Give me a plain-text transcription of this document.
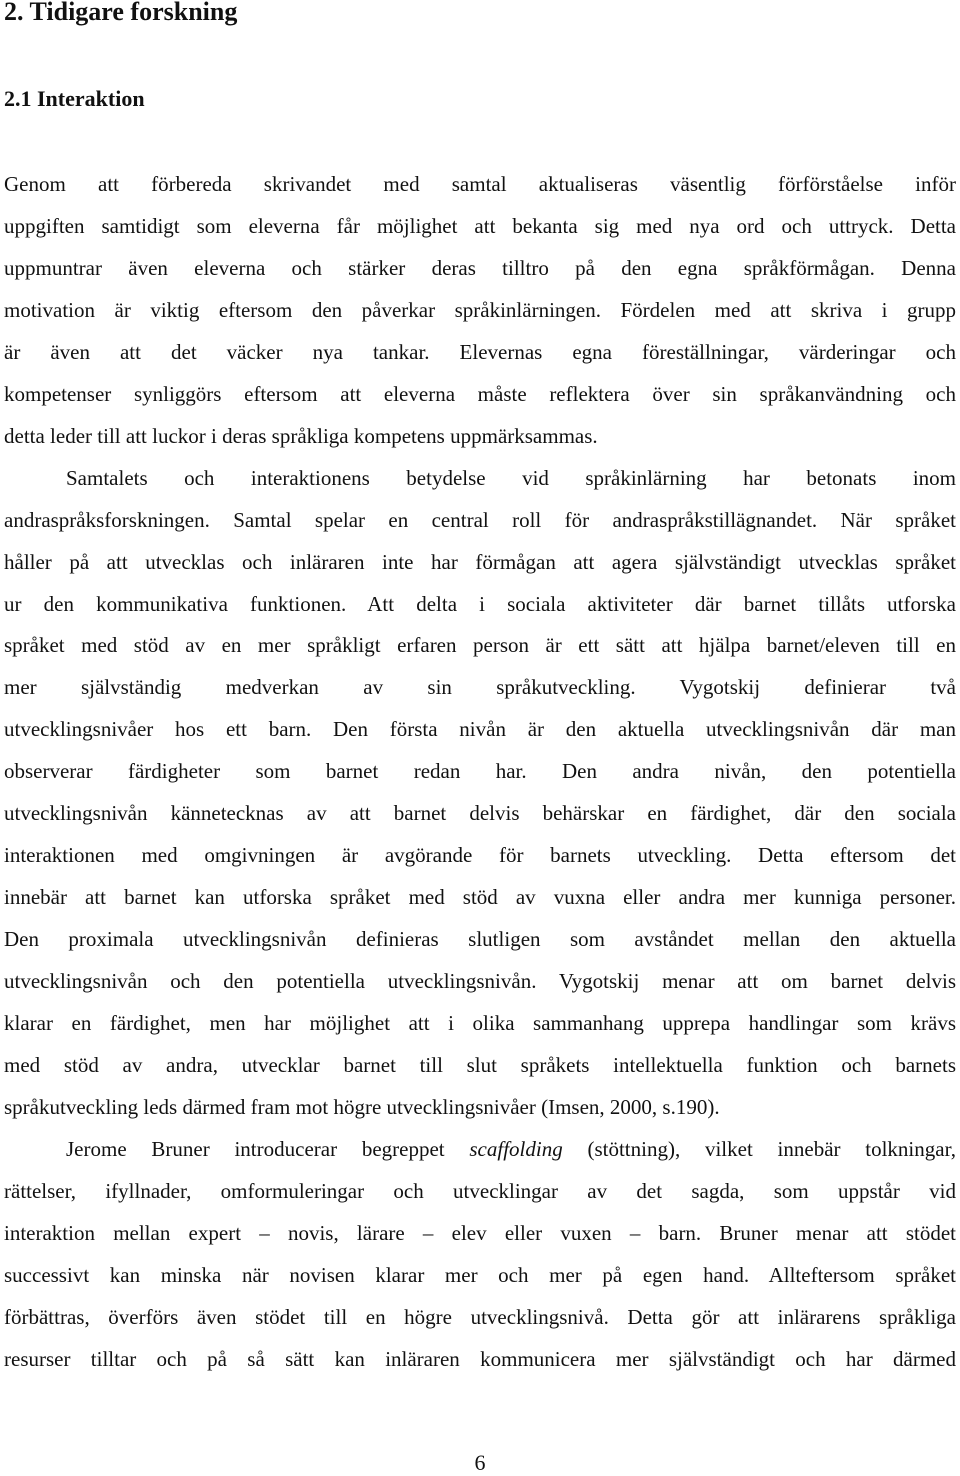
2. Tidigare forskning
2.1 Interaktion
Genom att förbereda skrivandet med samtal aktualiseras väsentlig förförståelse inför
uppgiften samtidigt som eleverna får möjlighet att bekanta sig med nya ord och uttryck. Detta
uppmuntrar även eleverna och stärker deras tilltro på den egna språkförmågan. Denna
motivation är viktig eftersom den påverkar språkinlärningen. Fördelen med att skriva i grupp
är även att det väcker nya tankar. Elevernas egna föreställningar, värderingar och
kompetenser synliggörs eftersom att eleverna måste reflektera över sin språkanvändning och
detta leder till att luckor i deras språkliga kompetens uppmärksammas.
Samtalets och interaktionens betydelse vid språkinlärning har betonats inom
andraspråksforskningen. Samtal spelar en central roll för andraspråkstillägnandet. När språket
håller på att utvecklas och inläraren inte har förmågan att agera självständigt utvecklas språket
ur den kommunikativa funktionen. Att delta i sociala aktiviteter där barnet tillåts utforska
språket med stöd av en mer språkligt erfaren person är ett sätt att hjälpa barnet/eleven till en
mer självständig medverkan av sin språkutveckling. Vygotskij definierar två
utvecklingsnivåer hos ett barn. Den första nivån är den aktuella utvecklingsnivån där man
observerar färdigheter som barnet redan har. Den andra nivån, den potentiella
utvecklingsnivån kännetecknas av att barnet delvis behärskar en färdighet, där den sociala
interaktionen med omgivningen är avgörande för barnets utveckling. Detta eftersom det
innebär att barnet kan utforska språket med stöd av vuxna eller andra mer kunniga personer.
Den proximala utvecklingsnivån definieras slutligen som avståndet mellan den aktuella
utvecklingsnivån och den potentiella utvecklingsnivån. Vygotskij menar att om barnet delvis
klarar en färdighet, men har möjlighet att i olika sammanhang upprepa handlingar som krävs
med stöd av andra, utvecklar barnet till slut språkets intellektuella funktion och barnets
språkutveckling leds därmed fram mot högre utvecklingsnivåer (Imsen, 2000, s.190).
Jerome Bruner introducerar begreppet scaffolding (stöttning), vilket innebär tolkningar,
rättelser, ifyllnader, omformuleringar och utvecklingar av det sagda, som uppstår vid
interaktion mellan expert – novis, lärare – elev eller vuxen – barn. Bruner menar att stödet
successivt kan minska när novisen klarar mer och mer på egen hand. Allteftersom språket
förbättras, överförs även stödet till en högre utvecklingsnivå. Detta gör att inlärarens språkliga
resurser tilltar och på så sätt kan inläraren kommunicera mer självständigt och har därmed
6
